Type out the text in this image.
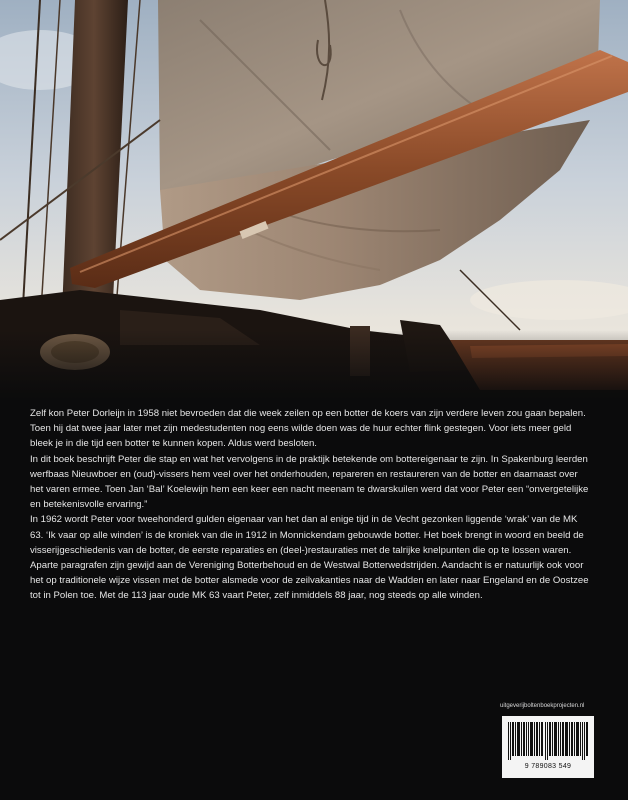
Zelf kon Peter Dorleijn in 1958 niet bevroeden dat die week zeilen op een botter de koers van zijn verdere leven zou gaan bepalen. Toen hij dat twee jaar later met zijn medestudenten nog eens wilde doen was de huur echter flink gestegen. Voor iets meer geld bleek je in die tijd een botter te kunnen kopen. Aldus werd besloten.

In dit boek beschrijft Peter die stap en wat het vervolgens in de praktijk betekende om bottereigenaar te zijn. In Spakenburg leerden werfbaas Nieuwboer en (oud)-vissers hem veel over het onderhouden, repareren en restaureren van de botter en daarnaast over het varen ermee. Toen Jan ‘Bal’ Koelewijn hem een keer een nacht meenam te dwarskuilen werd dat voor Peter een “onvergetelijke en betekenisvolle ervaring.”

In 1962 wordt Peter voor tweehonderd gulden eigenaar van het dan al enige tijd in de Vecht gezonken liggende ‘wrak’ van de MK 63. ‘Ik vaar op alle winden’ is de kroniek van die in 1912 in Monnickendam gebouwde botter. Het boek brengt in woord en beeld de visserijgeschiedenis van de botter, de eerste reparaties en (deel-)restauraties met de talrijke knelpunten die op te lossen waren. Aparte paragrafen zijn gewijd aan de Vereniging Botterbehoud en de Westwal Botterwedstrijden. Aandacht is er natuurlijk ook voor het op traditionele wijze vissen met de botter alsmede voor de zeilvakanties naar de Wadden en later naar Engeland en de Oostzee tot in Polen toe. Met de 113 jaar oude MK 63 vaart Peter, zelf inmiddels 88 jaar, nog steeds op alle winden.

uitgeverijboltenboekprojecten.nl
9 789083 549
